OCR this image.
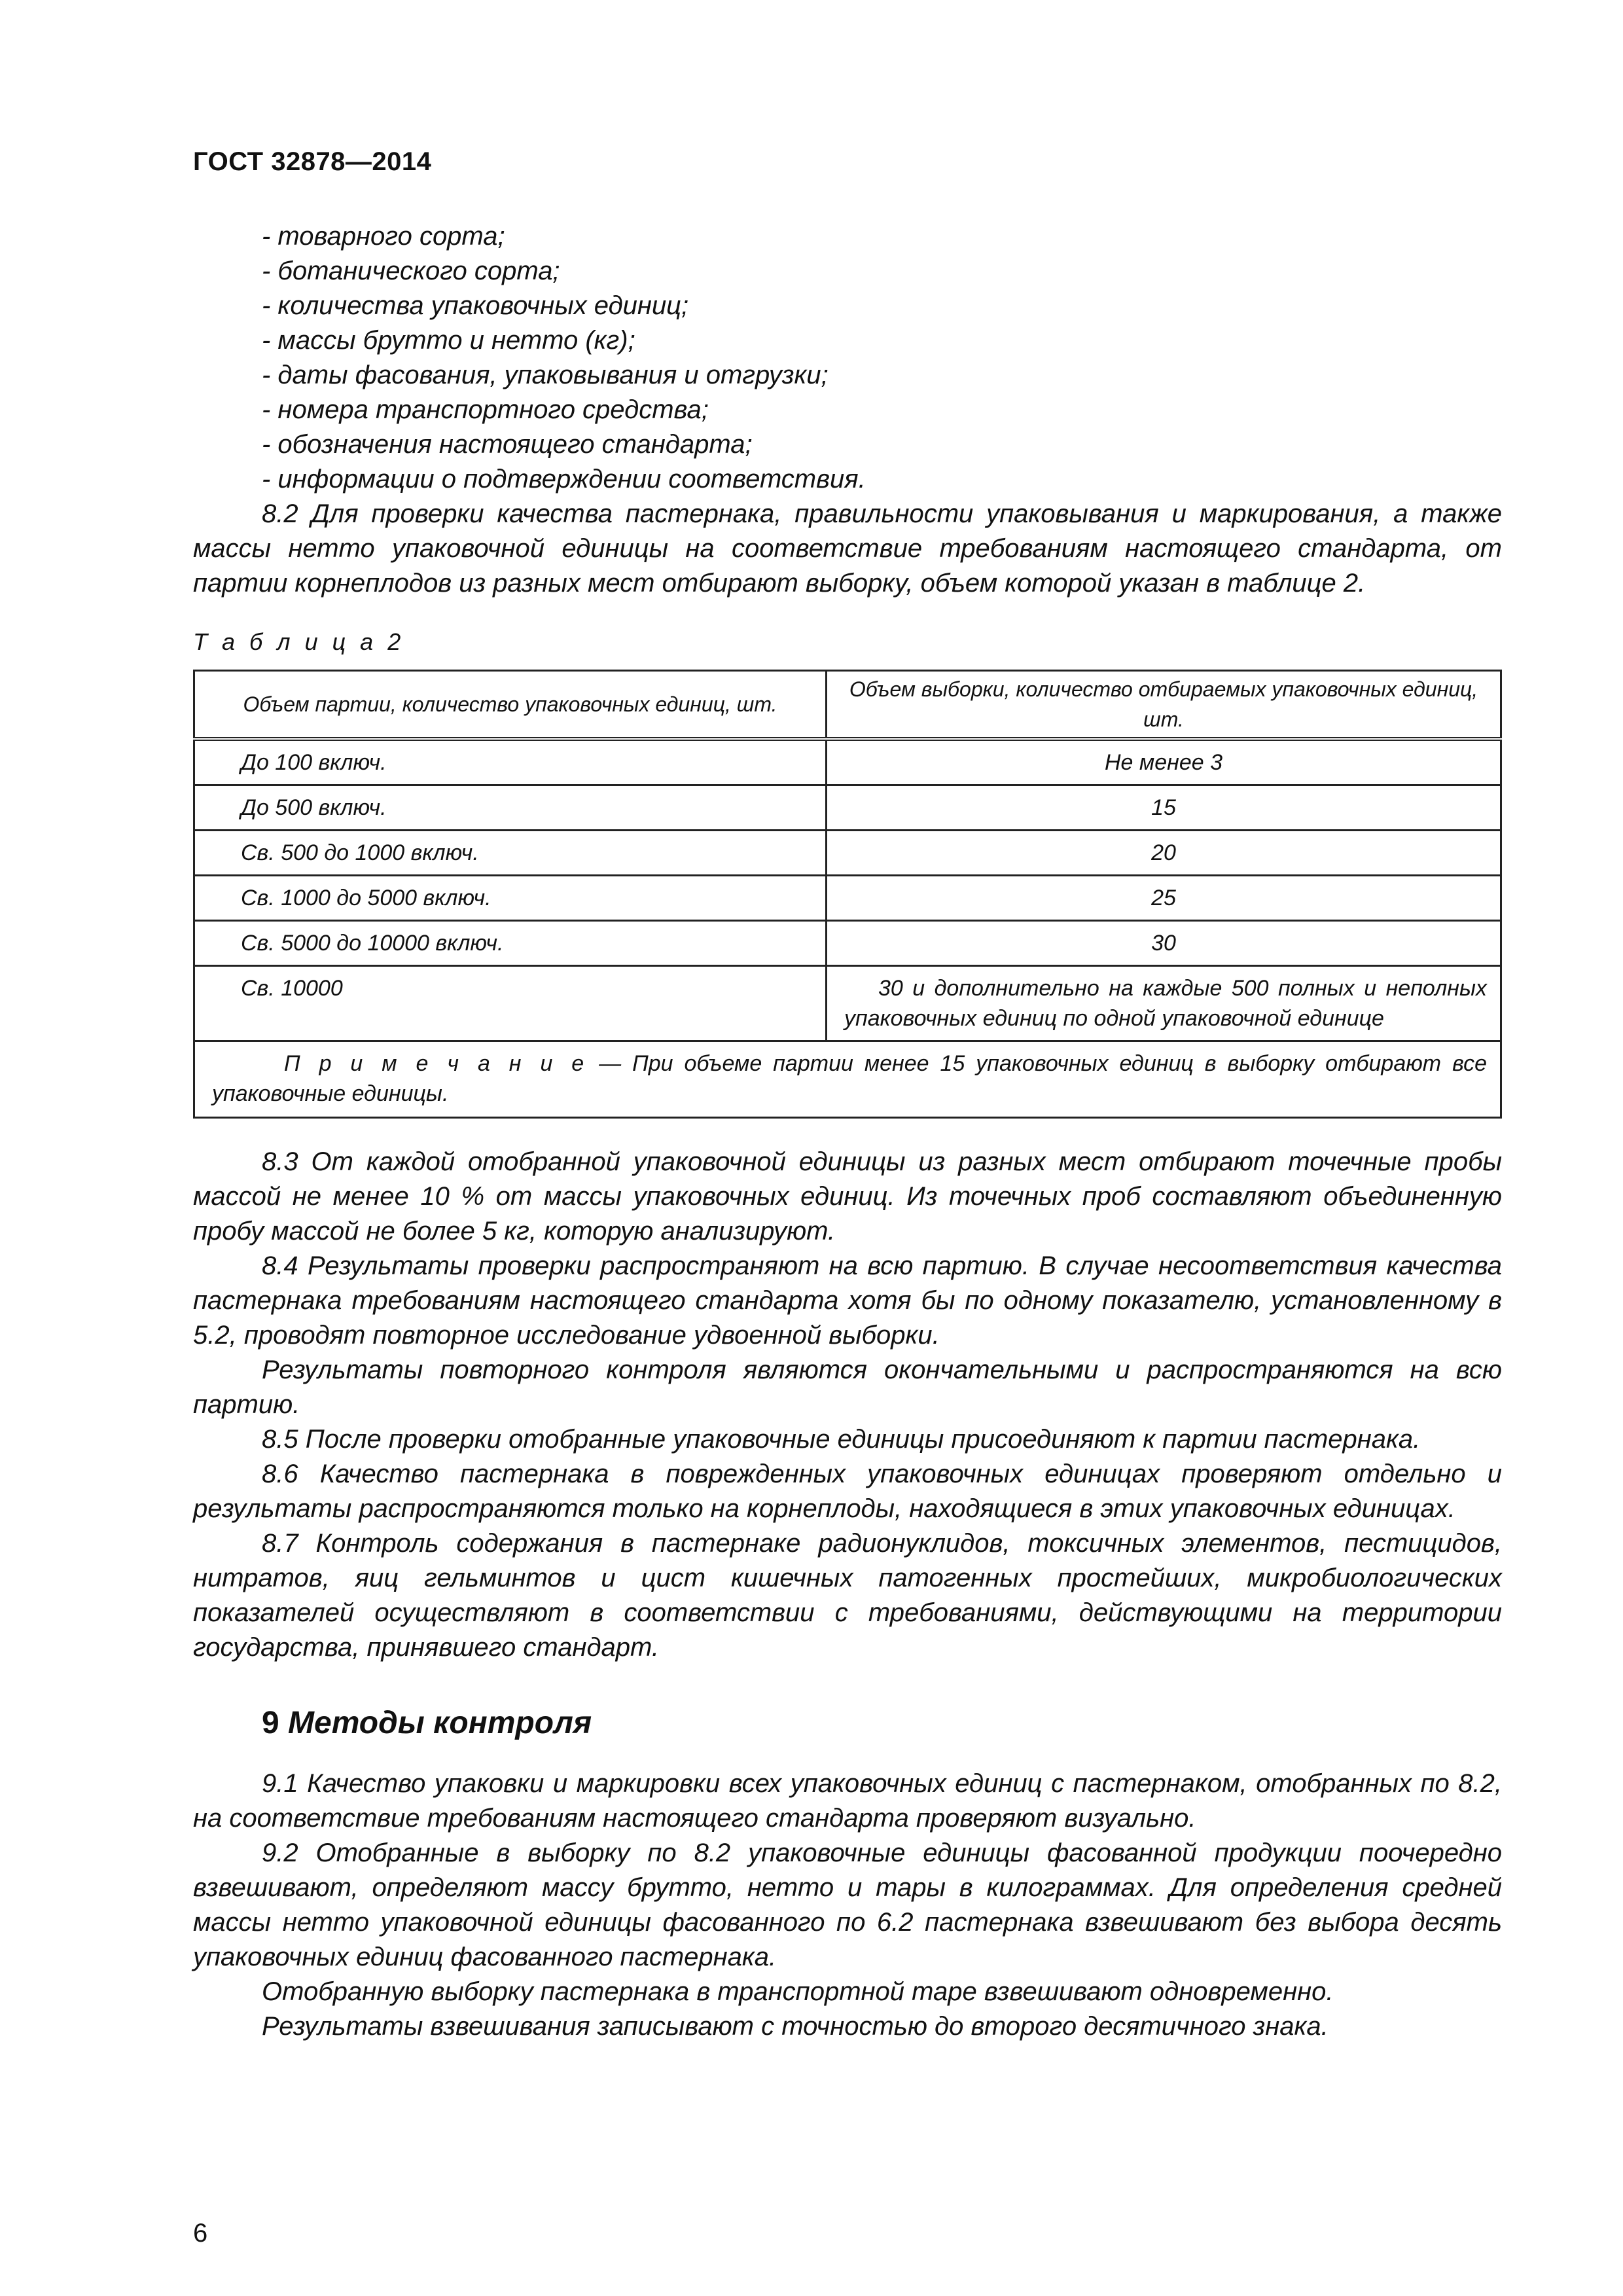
ГОСТ 32878—2014
- товарного сорта;
- ботанического сорта;
- количества упаковочных единиц;
- массы брутто и нетто (кг);
- даты фасования, упаковывания и отгрузки;
- номера транспортного средства;
- обозначения настоящего стандарта;
- информации о подтверждении соответствия.

8.2 Для проверки качества пастернака, правильности упаковывания и маркирования, а также массы нетто упаковочной единицы на соответствие требованиям настоящего стандарта, от партии корнеплодов из разных мест отбирают выборку, объем которой указан в таблице 2.

Т а б л и ц а 2
Объем партии, количество упаковочных единиц, шт.	Объем выборки, количество отбираемых упаковочных единиц, шт.
До 100 включ.	Не менее 3
До 500 включ.	15
Св. 500 до 1000 включ.	20
Св. 1000 до 5000 включ.	25
Св. 5000 до 10000 включ.	30
Св. 10000	30 и дополнительно на каждые 500 полных и неполных упаковочных единиц по одной упаковочной единице
П р и м е ч а н и е — При объеме партии менее 15 упаковочных единиц в выборку отбирают все упаковочные единицы.	

8.3 От каждой отобранной упаковочной единицы из разных мест отбирают точечные пробы массой не менее 10 % от массы упаковочных единиц. Из точечных проб составляют объединенную пробу массой не более 5 кг, которую анализируют.

8.4 Результаты проверки распространяют на всю партию. В случае несоответствия качества пастернака требованиям настоящего стандарта хотя бы по одному показателю, установленному в 5.2, проводят повторное исследование удвоенной выборки.

Результаты повторного контроля являются окончательными и распространяются на всю партию.

8.5 После проверки отобранные упаковочные единицы присоединяют к партии пастернака.

8.6 Качество пастернака в поврежденных упаковочных единицах проверяют отдельно и результаты распространяются только на корнеплоды, находящиеся в этих упаковочных единицах.

8.7 Контроль содержания в пастернаке радионуклидов, токсичных элементов, пестицидов, нитратов, яиц гельминтов и цист кишечных патогенных простейших, микробиологических показателей осуществляют в соответствии с требованиями, действующими на территории государства, принявшего стандарт.

9 Методы контроля

9.1 Качество упаковки и маркировки всех упаковочных единиц с пастернаком, отобранных по 8.2, на соответствие требованиям настоящего стандарта проверяют визуально.

9.2 Отобранные в выборку по 8.2 упаковочные единицы фасованной продукции поочередно взвешивают, определяют массу брутто, нетто и тары в килограммах. Для определения средней массы нетто упаковочной единицы фасованного по 6.2 пастернака взвешивают без выбора десять упаковочных единиц фасованного пастернака.

Отобранную выборку пастернака в транспортной таре взвешивают одновременно.

Результаты взвешивания записывают с точностью до второго десятичного знака.

6
